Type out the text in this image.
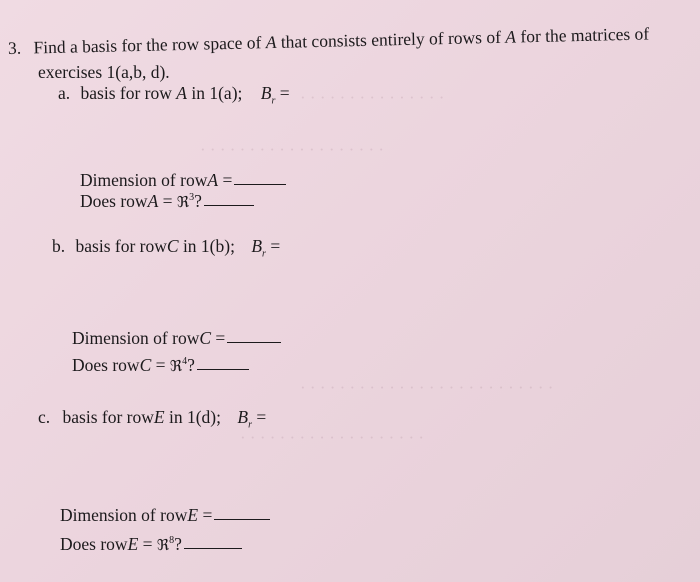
· · · · · · · · · · · · · · ·
· · · · · · · · · · · · · · · · · · ·
· · · · · · · · · · · · · · · · · · · · · · · · · ·
· · · · · · · · · · · · · · · · · · ·
3. Find a basis for the row space of A that consists entirely of rows of A for the matrices of
exercises 1(a,b, d).
a. basis for row A in 1(a); $B_r$ =
Dimension of rowA =
Does rowA = ℜ$^3$?
b. basis for rowC in 1(b); $B_r$ =
Dimension of rowC =
Does rowC = ℜ$^4$?
c. basis for rowE in 1(d); $B_r$ =
Dimension of rowE =
Does rowE = ℜ$^8$?
